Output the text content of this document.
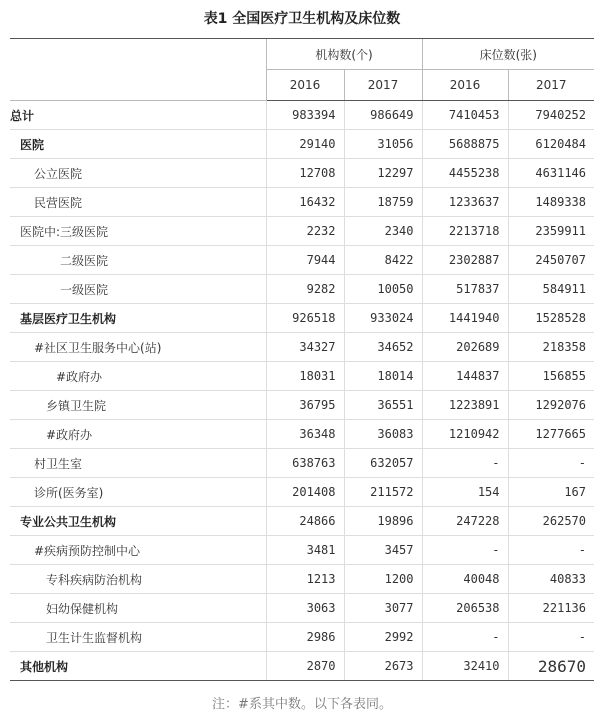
表1 全国医疗卫生机构及床位数
	机构数(个)		床位数(张)	
	2016	2017	2016	2017
总计	983394	986649	7410453	7940252
医院	29140	31056	5688875	6120484
公立医院	12708	12297	4455238	4631146
民营医院	16432	18759	1233637	1489338
医院中:三级医院	2232	2340	2213718	2359911
二级医院	7944	8422	2302887	2450707
一级医院	9282	10050	517837	584911
基层医疗卫生机构	926518	933024	1441940	1528528
#社区卫生服务中心(站)	34327	34652	202689	218358
#政府办	18031	18014	144837	156855
乡镇卫生院	36795	36551	1223891	1292076
#政府办	36348	36083	1210942	1277665
村卫生室	638763	632057	-	-
诊所(医务室)	201408	211572	154	167
专业公共卫生机构	24866	19896	247228	262570
#疾病预防控制中心	3481	3457	-	-
专科疾病防治机构	1213	1200	40048	40833
妇幼保健机构	3063	3077	206538	221136
卫生计生监督机构	2986	2992	-	-
其他机构	2870	2673	32410	28670
注：#系其中数。以下各表同。
